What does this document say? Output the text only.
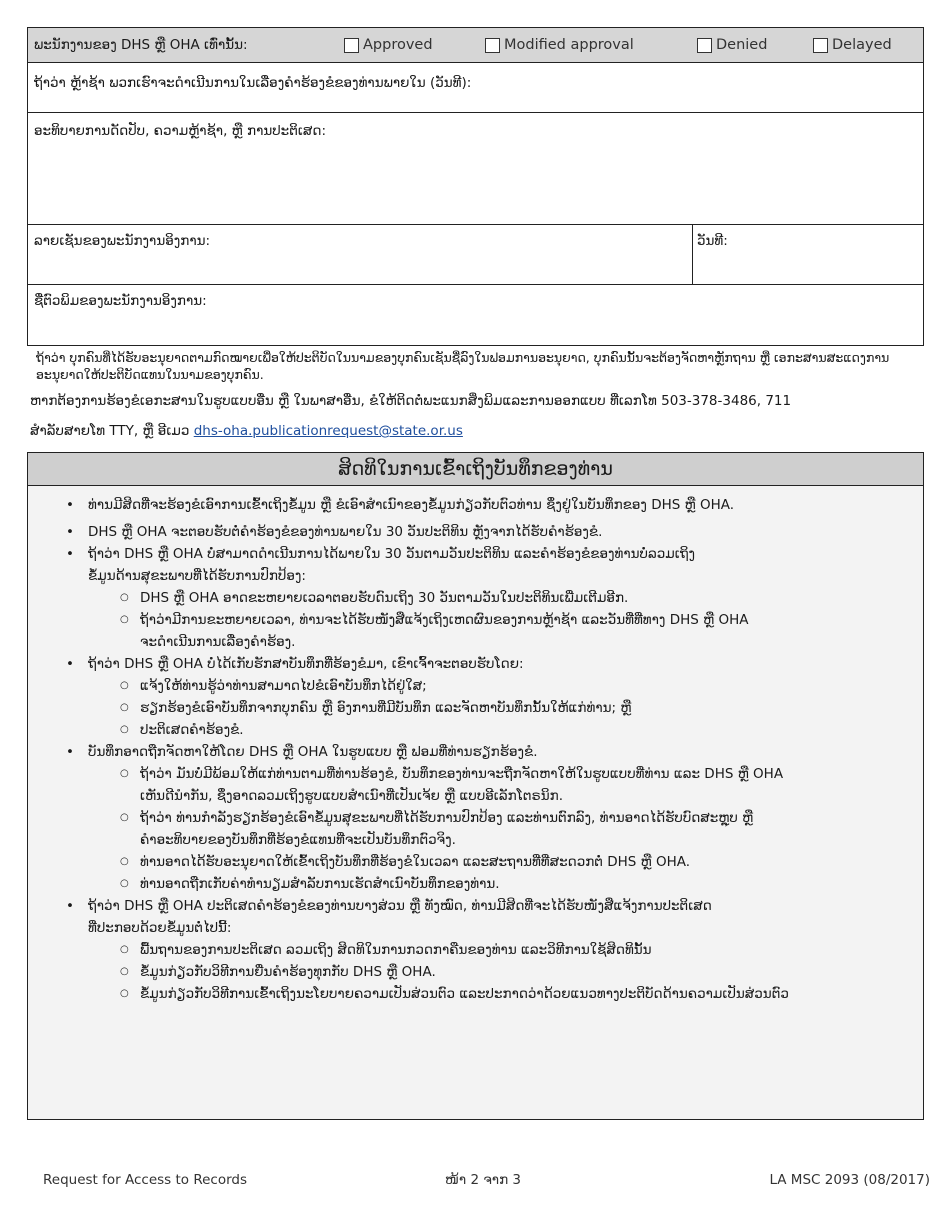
ພະນັກງານຂອງ DHS ຫຼື OHA ເທົ່ານັ້ນ:	Approved	Modified approval	Denied	Delayed
ຖ້າວ່າ ຫຼ້າຊ້າ ພວກເຮົາຈະດຳເນີນການໃນເລື່ອງຄຳຮ້ອງຂໍຂອງທ່ານພາຍໃນ (ວັນທີ):
ອະທິບາຍການດັດປັບ, ຄວາມຫຼ້າຊ້າ, ຫຼື ການປະຕິເສດ:
ລາຍເຊັນຂອງພະນັກງານອິງການ:	ວັນທີ:
ຊື່ຕົວພິມຂອງພະນັກງານອິງການ:

ຖ້າວ່າ ບຸກຄົນທີ່ໄດ້ຮັບອະນຸຍາດຕາມກົດໝາຍເພື່ອໃຫ້ປະຕິບັດໃນນາມຂອງບຸກຄົນເຊັນຊື່ລົງໃນຟອມການອະນຸຍາດ, ບຸກຄົນນັ້ນຈະຕ້ອງຈັດຫາຫຼັກຖານ ຫຼື ເອກະສານສະແດງການອະນຸຍາດໃຫ້ປະຕິບັດແທນໃນນາມຂອງບຸກຄົນ.

ຫາກຕ້ອງການຮ້ອງຂໍເອກະສານໃນຮູບແບບອື່ນ ຫຼື ໃນພາສາອື່ນ, ຂໍໃຫ້ຕິດຕໍ່ພະແນກສິ່ງພິມແລະການອອກແບບ ທີ່ເລກໂທ 503-378-3486, 711

ສຳລັບສາຍໂທ TTY, ຫຼື ອີເມວ dhs-oha.publicationrequest@state.or.us

ສິດທິໃນການເຂົ້າເຖິງບັນທຶກຂອງທ່ານ
• ທ່ານມີສິດທີ່ຈະຮ້ອງຂໍເອົາການເຂົ້າເຖິງຂໍ້ມູນ ຫຼື ຂໍເອົາສຳເນົາຂອງຂໍ້ມູນກ່ຽວກັບຕົວທ່ານ ຊຶ່ງຢູ່ໃນບັນທຶກຂອງ DHS ຫຼື OHA.
• DHS ຫຼື OHA ຈະຕອບຮັບຕໍ່ຄຳຮ້ອງຂໍຂອງທ່ານພາຍໃນ 30 ວັນປະຕິທິນ ຫຼັງຈາກໄດ້ຮັບຄຳຮ້ອງຂໍ.
• ຖ້າວ່າ DHS ຫຼື OHA ບໍ່ສາມາດດຳເນີນການໄດ້ພາຍໃນ 30 ວັນຕາມວັນປະຕິທິນ ແລະຄຳຮ້ອງຂໍຂອງທ່ານບໍ່ລວມເຖິງ
ຂໍ້ມູນດ້ານສຸຂະພາບທີ່ໄດ້ຮັບການປົກປ້ອງ:
○ DHS ຫຼື OHA ອາດຂະຫຍາຍເວລາຕອບຮັບດົນເຖິງ 30 ວັນຕາມວັນໃນປະຕິທິນເພີ່ມເຕີມອີກ.
○ ຖ້າວ່າມີການຂະຫຍາຍເວລາ, ທ່ານຈະໄດ້ຮັບໜັງສືແຈ້ງເຖິງເຫດຜົນຂອງການຫຼ້າຊ້າ ແລະວັນທີ່ທີ່ທາງ DHS ຫຼື OHA
ຈະດຳເນີນການເລື່ອງຄຳຮ້ອງ.
• ຖ້າວ່າ DHS ຫຼື OHA ບໍ່ໄດ້ເກັບຮັກສາບັນທຶກທີ່ຮ້ອງຂໍມາ, ເຂົາເຈົ້າຈະຕອບຮັບໂດຍ:
○ ແຈ້ງໃຫ້ທ່ານຮູ້ວ່າທ່ານສາມາດໄປຂໍເອົາບັນທຶກໄດ້ຢູ່ໃສ;
○ ຮຽກຮ້ອງຂໍເອົາບັນທຶກຈາກບຸກຄົນ ຫຼື ອົງການທີ່ມີບັນທຶກ ແລະຈັດຫາບັນທຶກນັ້ນໃຫ້ແກ່ທ່ານ; ຫຼື
○ ປະຕິເສດຄຳຮ້ອງຂໍ.
• ບັນທຶກອາດຖືກຈັດຫາໃຫ້ໂດຍ DHS ຫຼື OHA ໃນຮູບແບບ ຫຼື ຟອມທີ່ທ່ານຮຽກຮ້ອງຂໍ.
○ ຖ້າວ່າ ມັນບໍ່ມີພ້ອມໃຫ້ແກ່ທ່ານຕາມທີ່ທ່ານຮ້ອງຂໍ, ບັນທຶກຂອງທ່ານຈະຖືກຈັດຫາໃຫ້ໃນຮູບແບບທີ່ທ່ານ ແລະ DHS ຫຼື OHA
ເຫັນດີນຳກັນ, ຊຶ່ງອາດລວມເຖິງຮູບແບບສຳເນົາທີ່ເປັນເຈ້ຍ ຫຼື ແບບອີເລັກໂຕຣນິກ.
○ ຖ້າວ່າ ທ່ານກຳລັງຮຽກຮ້ອງຂໍເອົາຂໍ້ມູນສຸຂະພາບທີ່ໄດ້ຮັບການປົກປ້ອງ ແລະທ່ານຕົກລົງ, ທ່ານອາດໄດ້ຮັບບົດສະຫຼຸບ ຫຼື
ຄຳອະທິບາຍຂອງບັນທຶກທີ່ຮ້ອງຂໍແທນທີ່ຈະເປັນບັນທຶກຕົວຈິງ.
○ ທ່ານອາດໄດ້ຮັບອະນຸຍາດໃຫ້ເຂົ້າເຖິງບັນທຶກທີ່ຮ້ອງຂໍໃນເວລາ ແລະສະຖານທີ່ທີ່ສະດວກຕໍ່ DHS ຫຼື OHA.
○ ທ່ານອາດຖືກເກັບຄ່າທຳນຽມສຳລັບການເຮັດສຳເນົາບັນທຶກຂອງທ່ານ.
• ຖ້າວ່າ DHS ຫຼື OHA ປະຕິເສດຄຳຮ້ອງຂໍຂອງທ່ານບາງສ່ວນ ຫຼື ທັງໝົດ, ທ່ານມີສິດທີ່ຈະໄດ້ຮັບໜັງສືແຈ້ງການປະຕິເສດ
ທີ່ປະກອບດ້ວຍຂໍ້ມູນຕໍ່ໄປນີ້:
○ ພື້ນຖານຂອງການປະຕິເສດ ລວມເຖິງ ສິດທິໃນການກວດກາຄືນຂອງທ່ານ ແລະວິທີການໃຊ້ສິດທິນັ້ນ
○ ຂໍ້ມູນກ່ຽວກັບວິທີການຍື່ນຄຳຮ້ອງທຸກກັບ DHS ຫຼື OHA.
○ ຂໍ້ມູນກ່ຽວກັບວິທີການເຂົ້າເຖິງນະໂຍບາຍຄວາມເປັນສ່ວນຕົວ ແລະປະກາດວ່າດ້ວຍແນວທາງປະຕິບັດດ້ານຄວາມເປັນສ່ວນຕົວ
Request for Access to Records	ໜ້າ 2 ຈາກ 3	LA MSC 2093 (08/2017)
